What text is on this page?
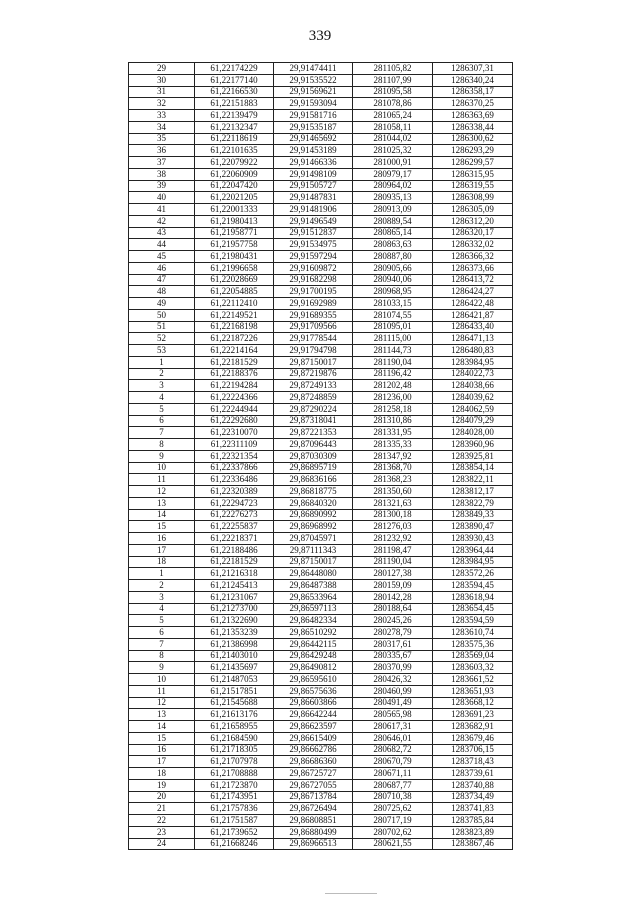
339
29	61,22174229	29,91474411	281105,82	1286307,31
30	61,22177140	29,91535522	281107,99	1286340,24
31	61,22166530	29,91569621	281095,58	1286358,17
32	61,22151883	29,91593094	281078,86	1286370,25
33	61,22139479	29,91581716	281065,24	1286363,69
34	61,22132347	29,91535187	281058,11	1286338,44
35	61,22118619	29,91465692	281044,02	1286300,62
36	61,22101635	29,91453189	281025,32	1286293,29
37	61,22079922	29,91466336	281000,91	1286299,57
38	61,22060909	29,91498109	280979,17	1286315,95
39	61,22047420	29,91505727	280964,02	1286319,55
40	61,22021205	29,91487831	280935,13	1286308,99
41	61,22001333	29,91481906	280913,09	1286305,09
42	61,21980413	29,91496549	280889,54	1286312,20
43	61,21958771	29,91512837	280865,14	1286320,17
44	61,21957758	29,91534975	280863,63	1286332,02
45	61,21980431	29,91597294	280887,80	1286366,32
46	61,21996658	29,91609872	280905,66	1286373,66
47	61,22028669	29,91682298	280940,06	1286413,72
48	61,22054885	29,91700195	280968,95	1286424,27
49	61,22112410	29,91692989	281033,15	1286422,48
50	61,22149521	29,91689355	281074,55	1286421,87
51	61,22168198	29,91709566	281095,01	1286433,40
52	61,22187226	29,91778544	281115,00	1286471,13
53	61,22214164	29,91794798	281144,73	1286480,83
1	61,22181529	29,87150017	281190,04	1283984,95
2	61,22188376	29,87219876	281196,42	1284022,73
3	61,22194284	29,87249133	281202,48	1284038,66
4	61,22224366	29,87248859	281236,00	1284039,62
5	61,22244944	29,87290224	281258,18	1284062,59
6	61,22292680	29,87318041	281310,86	1284079,29
7	61,22310070	29,87221353	281331,95	1284028,00
8	61,22311109	29,87096443	281335,33	1283960,96
9	61,22321354	29,87030309	281347,92	1283925,81
10	61,22337866	29,86895719	281368,70	1283854,14
11	61,22336486	29,86836166	281368,23	1283822,11
12	61,22320389	29,86818775	281350,60	1283812,17
13	61,22294723	29,86840320	281321,63	1283822,79
14	61,22276273	29,86890992	281300,18	1283849,33
15	61,22255837	29,86968992	281276,03	1283890,47
16	61,22218371	29,87045971	281232,92	1283930,43
17	61,22188486	29,87111343	281198,47	1283964,44
18	61,22181529	29,87150017	281190,04	1283984,95
1	61,21216318	29,86448080	280127,38	1283572,26
2	61,21245413	29,86487388	280159,09	1283594,45
3	61,21231067	29,86533964	280142,28	1283618,94
4	61,21273700	29,86597113	280188,64	1283654,45
5	61,21322690	29,86482334	280245,26	1283594,59
6	61,21353239	29,86510292	280278,79	1283610,74
7	61,21386998	29,86442115	280317,61	1283575,36
8	61,21403010	29,86429248	280335,67	1283569,04
9	61,21435697	29,86490812	280370,99	1283603,32
10	61,21487053	29,86595610	280426,32	1283661,52
11	61,21517851	29,86575636	280460,99	1283651,93
12	61,21545688	29,86603866	280491,49	1283668,12
13	61,21613176	29,86642244	280565,98	1283691,23
14	61,21658955	29,86623597	280617,31	1283682,91
15	61,21684590	29,86615409	280646,01	1283679,46
16	61,21718305	29,86662786	280682,72	1283706,15
17	61,21707978	29,86686360	280670,79	1283718,43
18	61,21708888	29,86725727	280671,11	1283739,61
19	61,21723870	29,86727055	280687,77	1283740,88
20	61,21743951	29,86713784	280710,38	1283734,49
21	61,21757836	29,86726494	280725,62	1283741,83
22	61,21751587	29,86808851	280717,19	1283785,84
23	61,21739652	29,86880499	280702,62	1283823,89
24	61,21668246	29,86966513	280621,55	1283867,46
